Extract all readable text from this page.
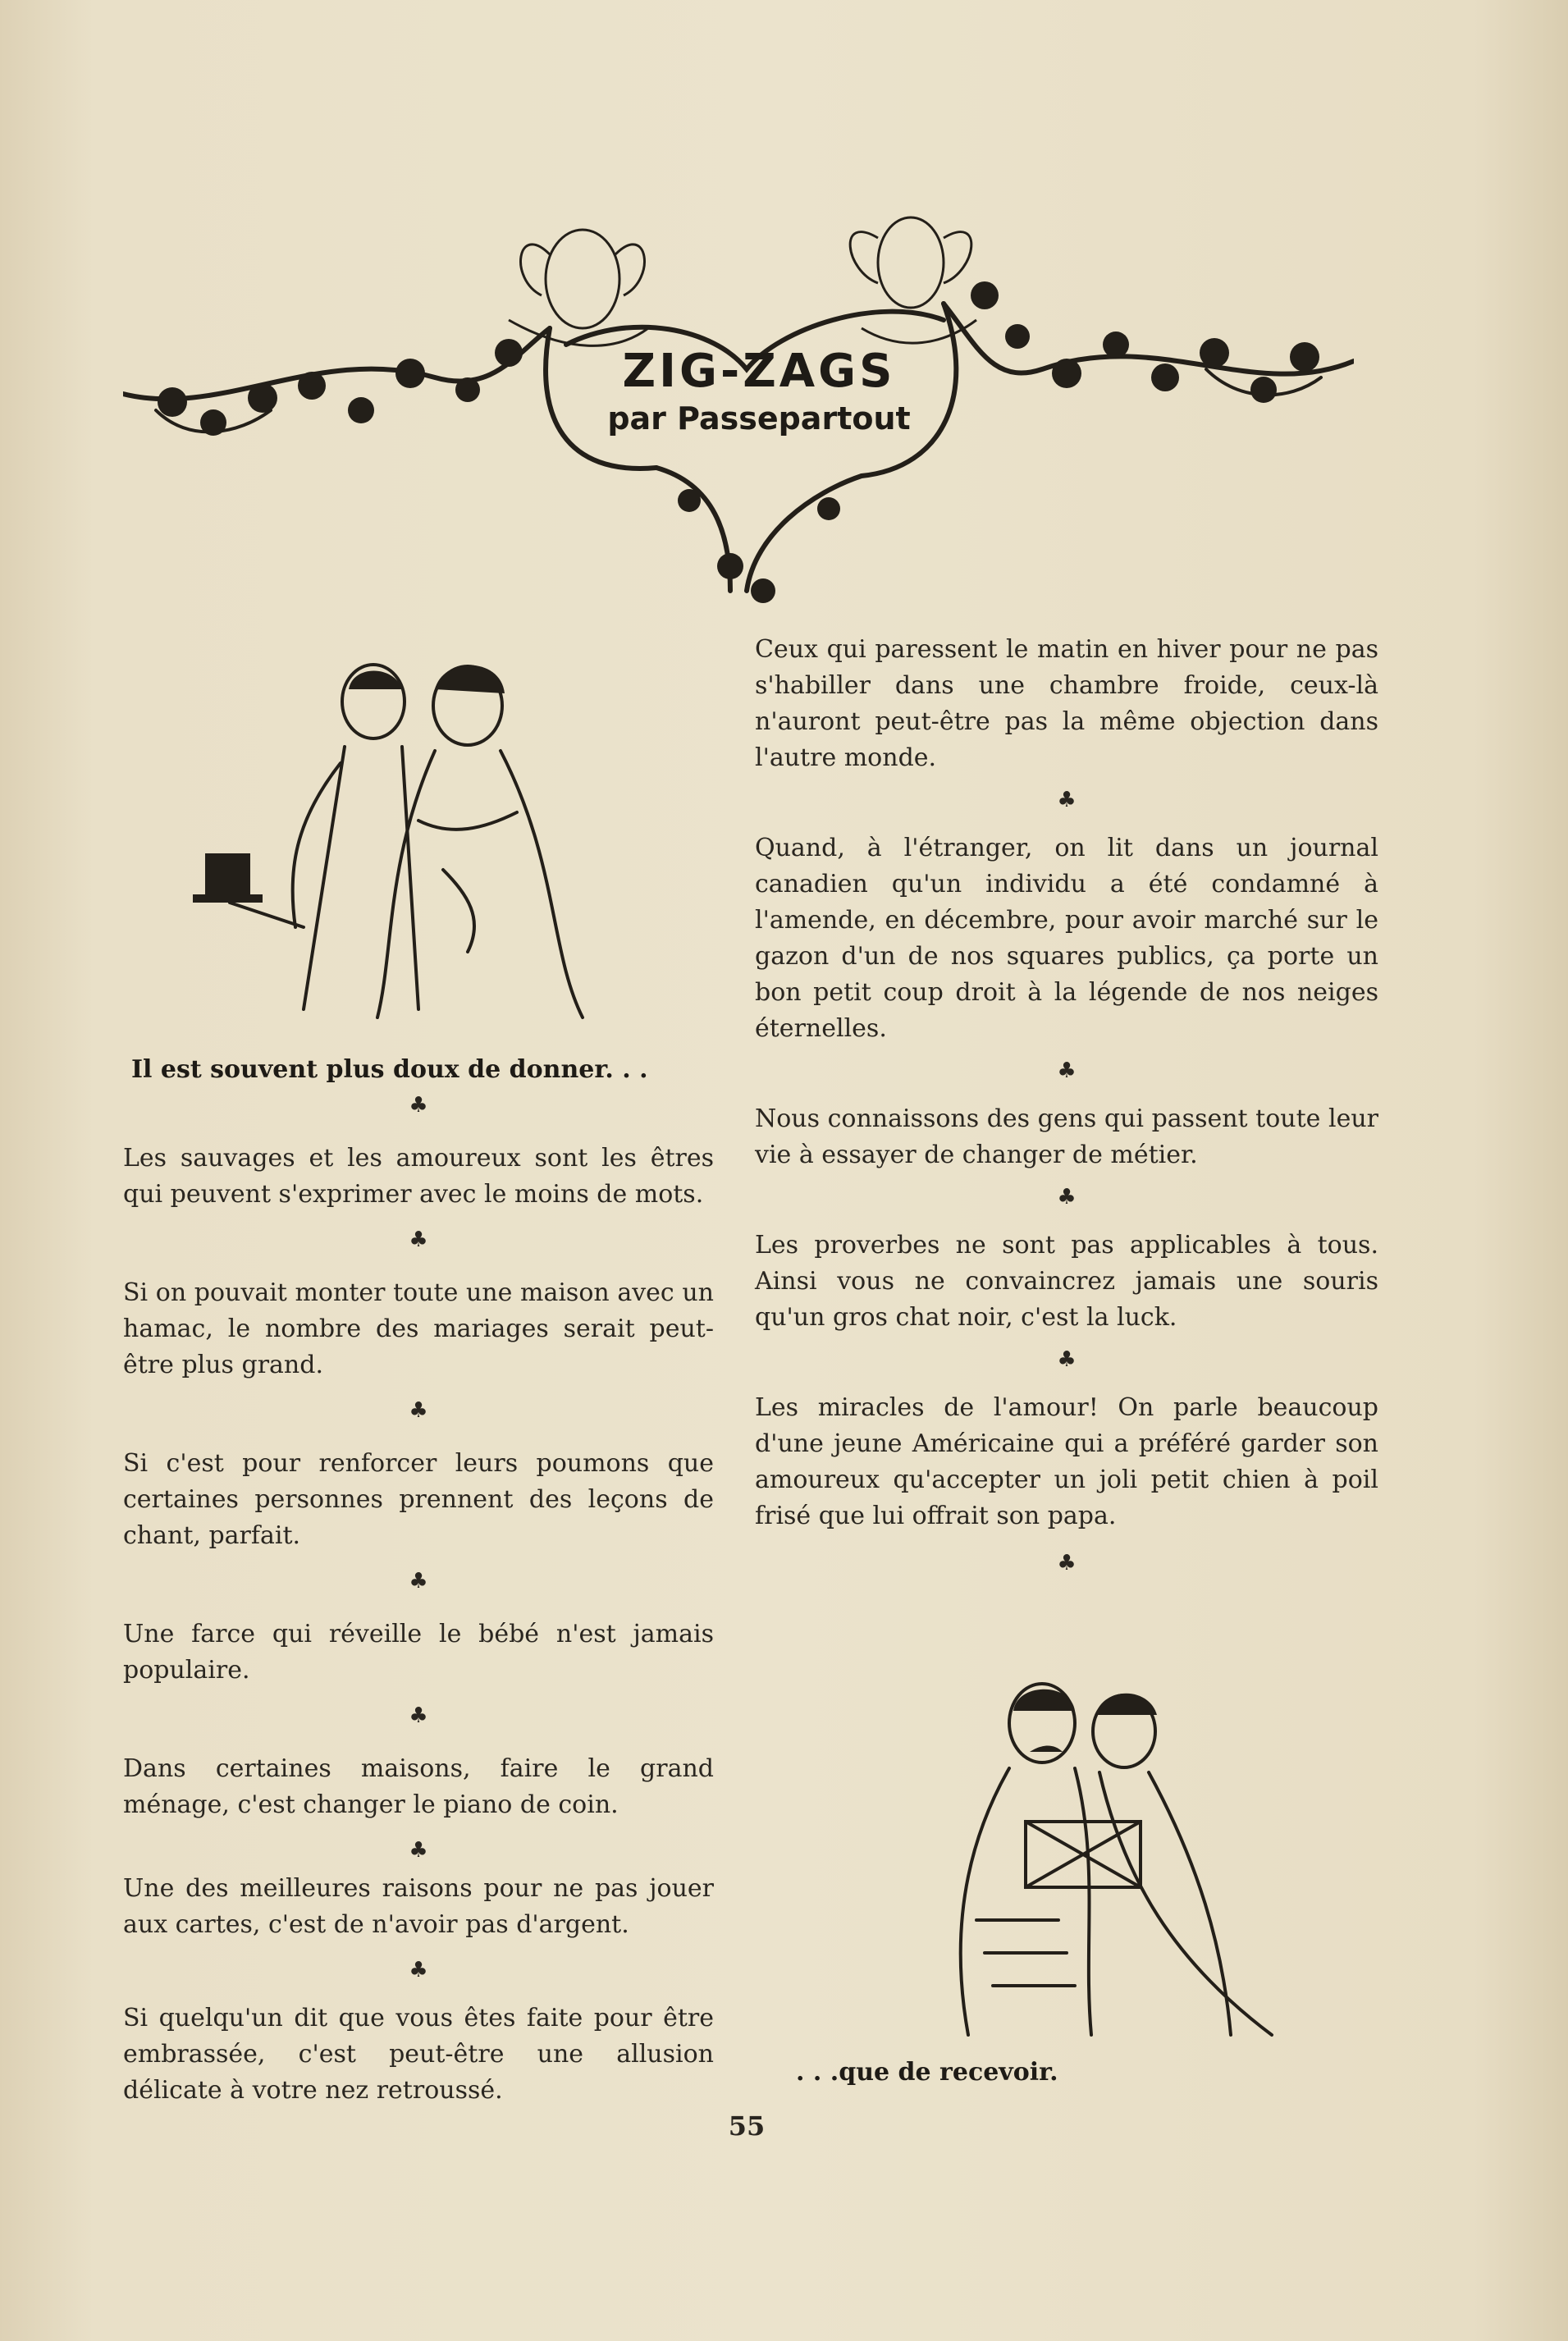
ZIG-ZAGS
par Passepartout
Il est souvent plus doux de donner. . .
♣

Les sauvages et les amoureux sont les êtres qui peuvent s'exprimer avec le moins de mots.

♣

Si on pouvait monter toute une maison avec un hamac, le nombre des mariages serait peut-être plus grand.

♣

Si c'est pour renforcer leurs poumons que certaines personnes prennent des leçons de chant, parfait.

♣

Une farce qui réveille le bébé n'est jamais populaire.

♣

Dans certaines maisons, faire le grand ménage, c'est changer le piano de coin.

♣

Une des meilleures raisons pour ne pas jouer aux cartes, c'est de n'avoir pas d'argent.

♣

Si quelqu'un dit que vous êtes faite pour être embrassée, c'est peut-être une allusion délicate à votre nez retroussé.

Ceux qui paressent le matin en hiver pour ne pas s'habiller dans une chambre froide, ceux-là n'auront peut-être pas la même objection dans l'autre monde.

♣

Quand, à l'étranger, on lit dans un journal canadien qu'un individu a été condamné à l'amende, en décembre, pour avoir marché sur le gazon d'un de nos squares publics, ça porte un bon petit coup droit à la légende de nos neiges éternelles.

♣

Nous connaissons des gens qui passent toute leur vie à essayer de changer de métier.

♣

Les proverbes ne sont pas applicables à tous. Ainsi vous ne convaincrez jamais une souris qu'un gros chat noir, c'est la luck.

♣

Les miracles de l'amour! On parle beaucoup d'une jeune Américaine qui a préféré garder son amoureux qu'accepter un joli petit chien à poil frisé que lui offrait son papa.

♣
. . .que de recevoir.
55
